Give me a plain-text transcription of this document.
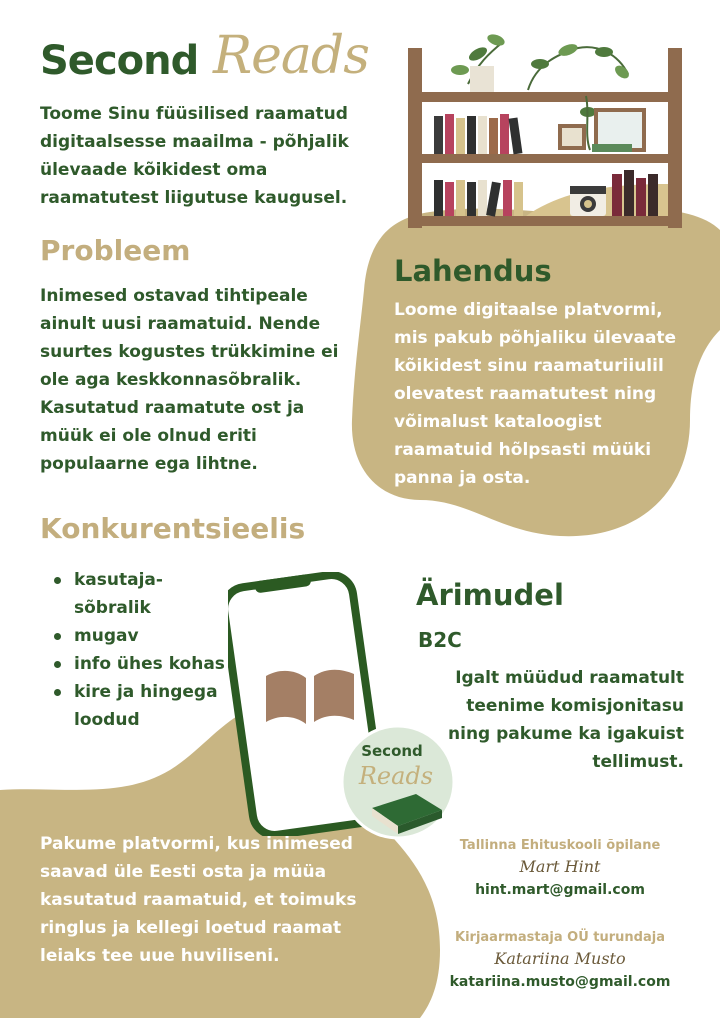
Second Reads

Toome Sinu füüsilised raamatud digitaalsesse maailma - põhjalik ülevaade kõikidest oma raamatutest liigutuse kaugusel.

Probleem

Inimesed ostavad tihtipeale ainult uusi raamatuid. Nende suurtes kogustes trükkimine ei ole aga keskkonnasõbralik. Kasutatud raamatute ost ja müük ei ole olnud eriti populaarne ega lihtne.

Lahendus

Loome digitaalse platvormi, mis pakub põhjaliku ülevaate kõikidest sinu raamaturiiulil olevatest raamatutest ning võimalust kataloogist raamatuid hõlpsasti müüki panna ja osta.

Konkurentsieelis
kasutaja-sõbralik
mugav
info ühes kohas
kire ja hingega loodud
Second
Reads
Ärimudel
B2C

Igalt müüdud raamatult teenime komisjonitasu ning pakume ka igakuist tellimust.

Pakume platvormi, kus inimesed saavad üle Eesti osta ja müüa kasutatud raamatuid, et toimuks ringlus ja kellegi loetud raamat leiaks tee uue huviliseni.

Tallinna Ehituskooli õpilane
Mart Hint
hint.mart@gmail.com
Kirjaarmastaja OÜ turundaja
Katariina Musto
katariina.musto@gmail.com
